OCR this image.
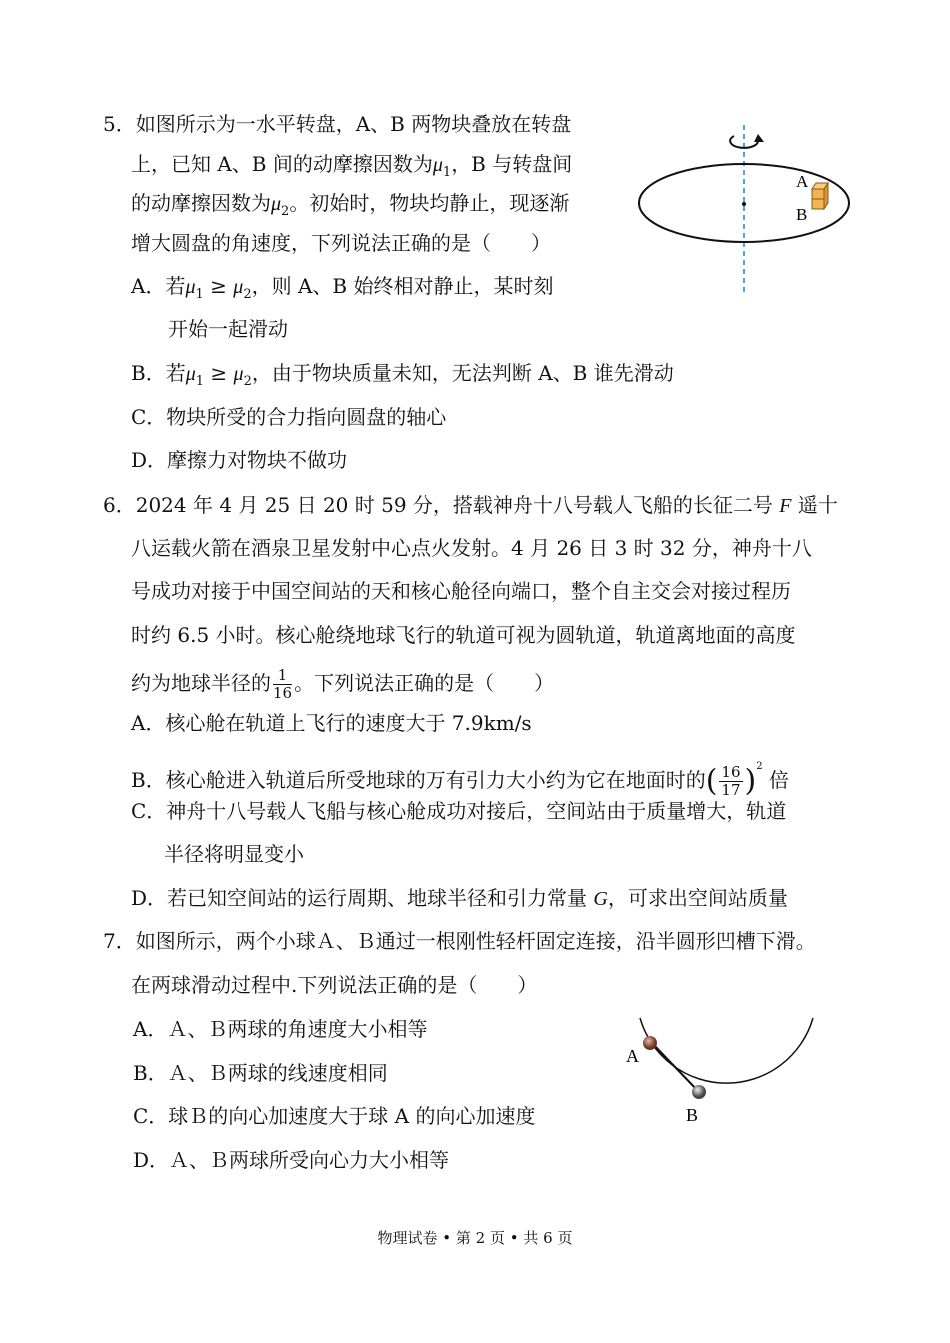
5．如图所示为一水平转盘，A、B 两物块叠放在转盘
上，已知 A、B 间的动摩擦因数为$\mu_1$，B 与转盘间
的动摩擦因数为$\mu_2$。初始时，物块均静止，现逐渐
增大圆盘的角速度，下列说法正确的是（　　）
A．若$\mu_1 \ge \mu_2$，则 A、B 始终相对静止，某时刻
开始一起滑动
B．若$\mu_1 \ge \mu_2$，由于物块质量未知，无法判断 A、B 谁先滑动
C．物块所受的合力指向圆盘的轴心
D．摩擦力对物块不做功
A
B
6．2024 年 4 月 25 日 20 时 59 分，搭载神舟十八号载人飞船的长征二号 F 遥十
八运载火箭在酒泉卫星发射中心点火发射。4 月 26 日 3 时 32 分，神舟十八
号成功对接于中国空间站的天和核心舱径向端口，整个自主交会对接过程历
时约 6.5 小时。核心舱绕地球飞行的轨道可视为圆轨道，轨道离地面的高度
约为地球半径的 $\frac{1}{16}$ 。下列说法正确的是（　　）
A．核心舱在轨道上飞行的速度大于 7.9km/s
B．核心舱进入轨道后所受地球的万有引力大小约为它在地面时的( $\frac{16}{17} )^2$ 倍
C．神舟十八号载人飞船与核心舱成功对接后，空间站由于质量增大，轨道
半径将明显变小
D．若已知空间站的运行周期、地球半径和引力常量 G，可求出空间站质量
7．如图所示，两个小球Ａ、Ｂ通过一根刚性轻杆固定连接，沿半圆形凹槽下滑。
在两球滑动过程中.下列说法正确的是（　　）
A．Ａ、Ｂ两球的角速度大小相等
B．Ａ、Ｂ两球的线速度相同
C．球Ｂ的向心加速度大于球 A 的向心加速度
D．Ａ、Ｂ两球所受向心力大小相等
A
B
物理试卷 • 第 2 页 • 共 6 页
